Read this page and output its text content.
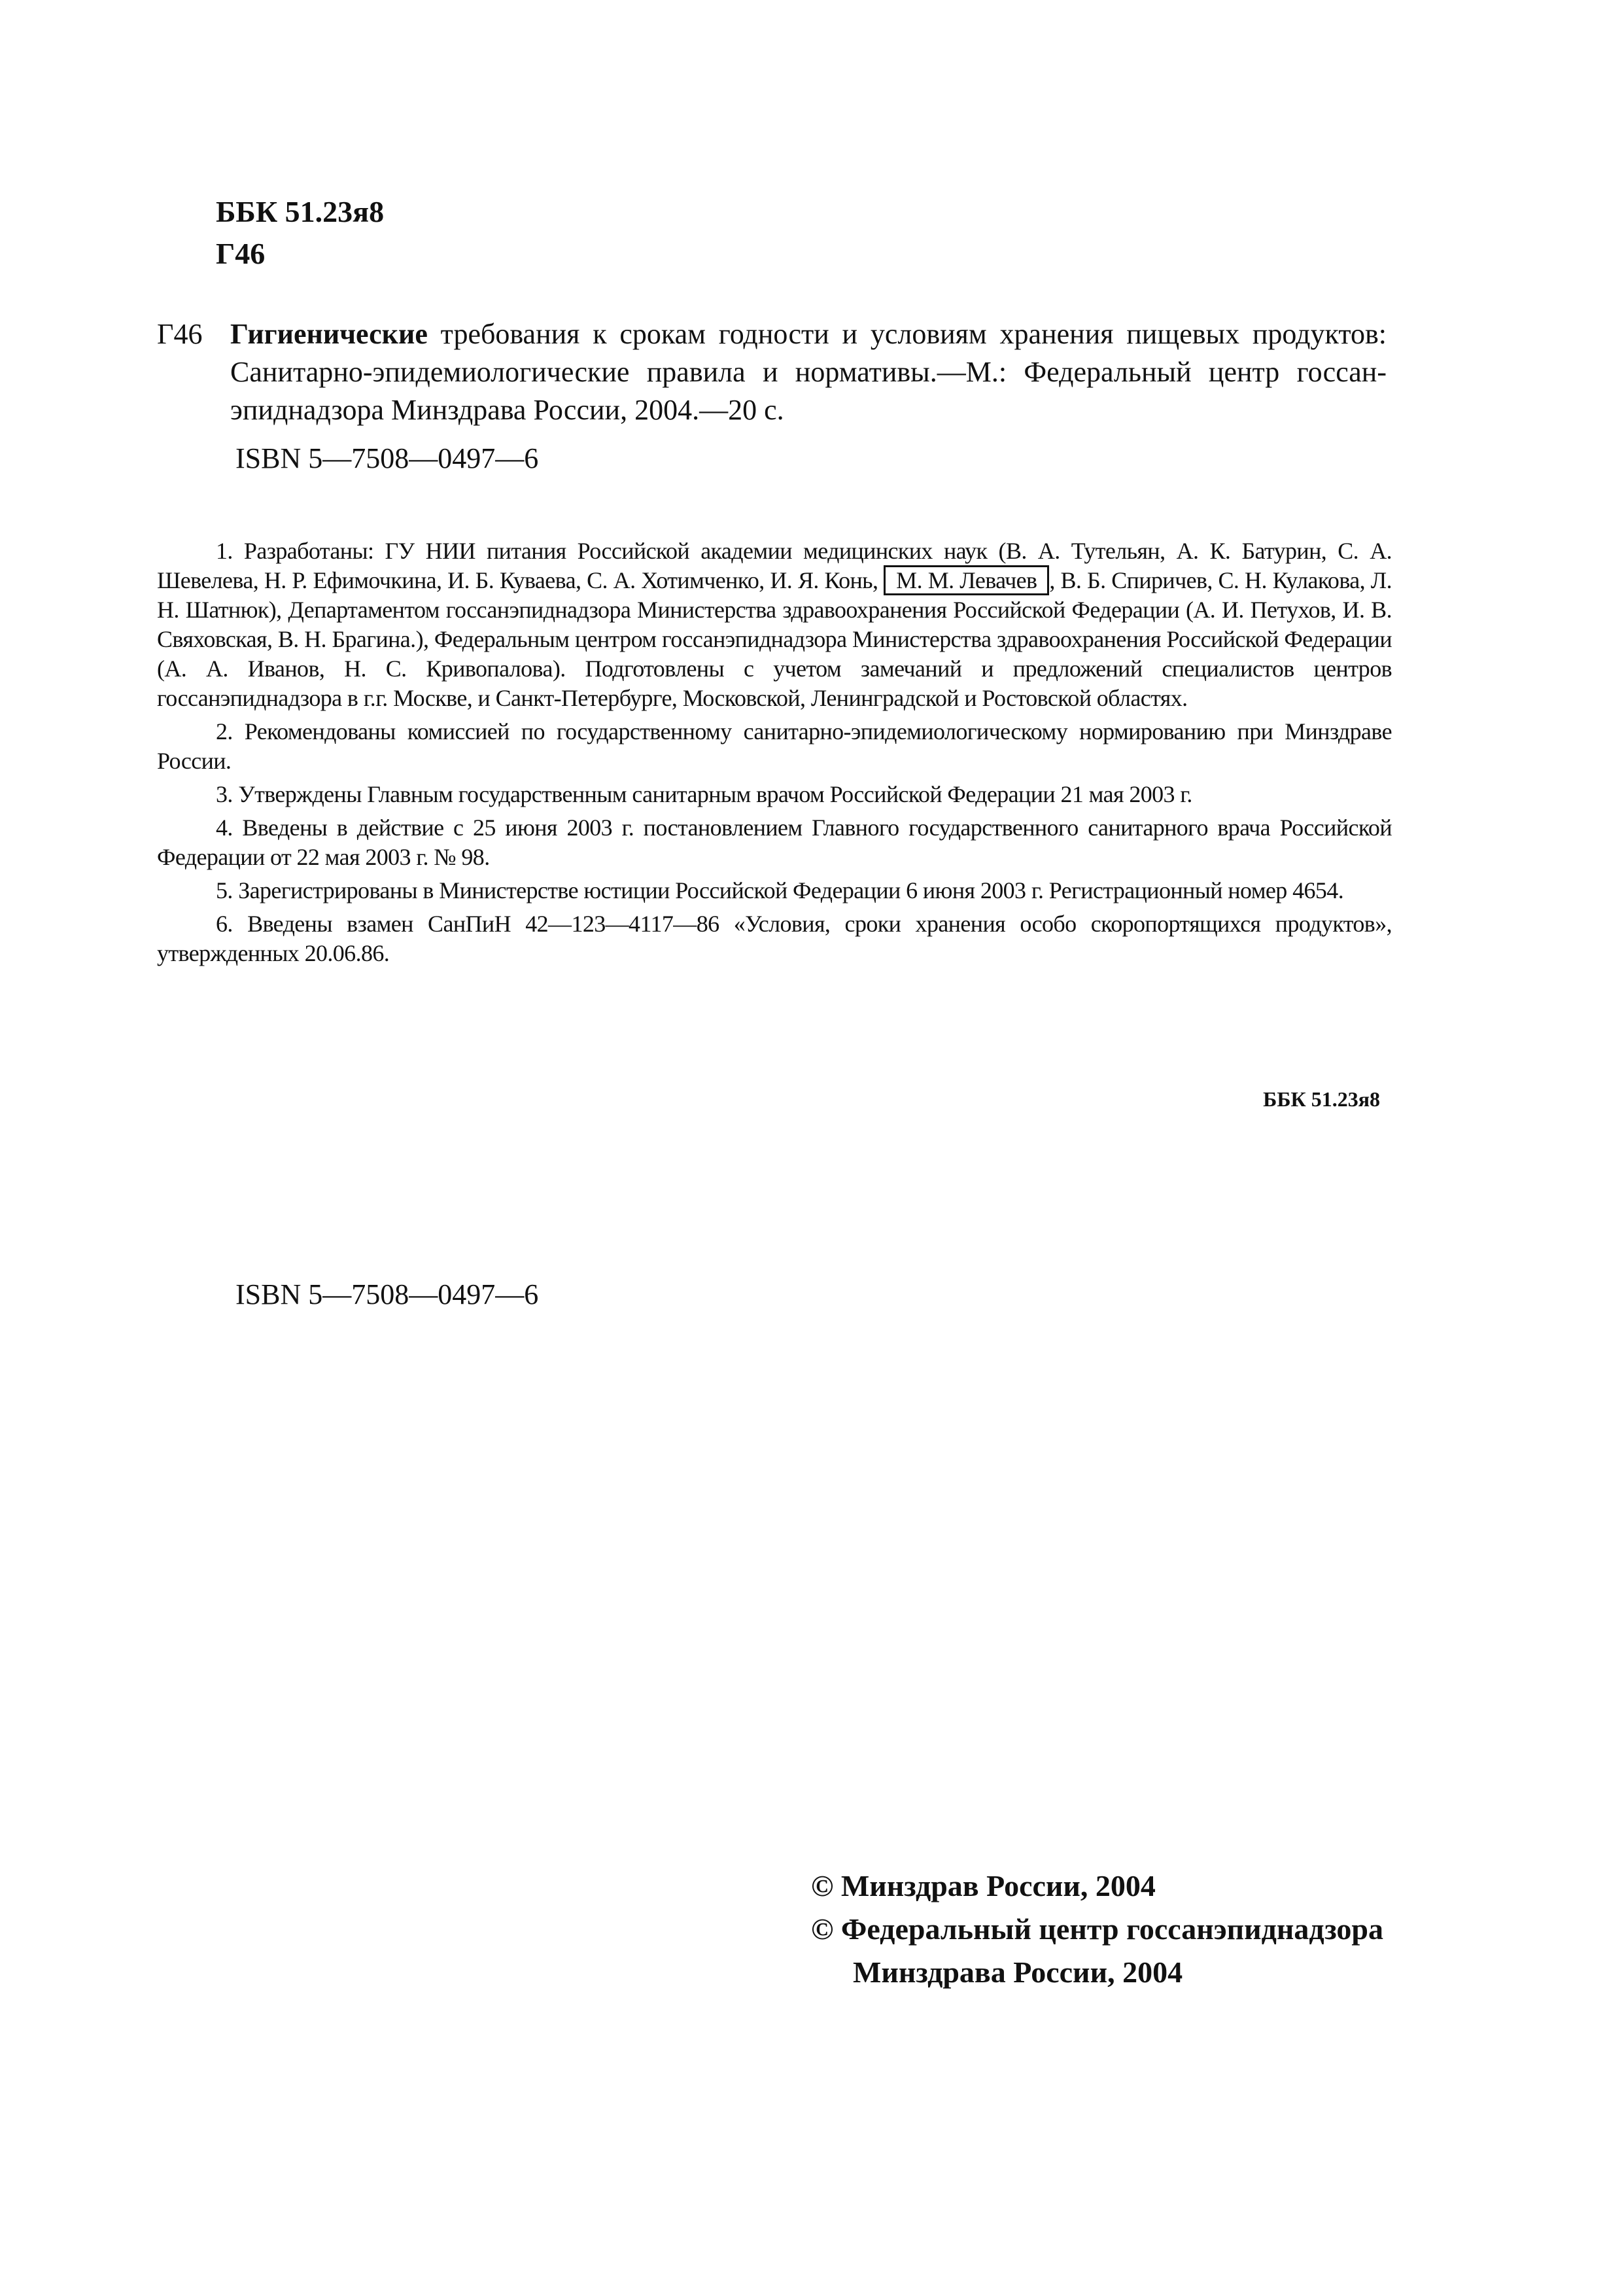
ББК 51.23я8
Г46
Г46 Гигиенические требования к срокам годности и условиям хранения пищевых продуктов: Санитарно-эпидемиологические правила и нормативы.—М.: Федеральный центр госсан-эпиднадзора Минздрава России, 2004.—20 с.
ISBN 5—7508—0497—6

1. Разработаны: ГУ НИИ питания Российской академии медицинских наук (В. А. Тутельян, А. К. Батурин, С. А. Шевелева, Н. Р. Ефимочкина, И. Б. Куваева, С. А. Хотимченко, И. Я. Конь, М. М. Левачев , В. Б. Спиричев, С. Н. Кулакова, Л. Н. Шатнюк), Департаментом госсанэпиднадзора Министерства здравоохранения Российской Федерации (А. И. Петухов, И. В. Свяховская, В. Н. Брагина.), Федеральным центром госсанэпиднадзора Министерства здравоохранения Российской Федерации (А. А. Иванов, Н. С. Кривопалова). Подготовлены с учетом замечаний и предложений специалистов центров госсанэпиднадзора в г.г. Москве, и Санкт-Петербурге, Московской, Ленинградской и Ростовской областях.

2. Рекомендованы комиссией по государственному санитарно-эпидемиологическому нормированию при Минздраве России.

3. Утверждены Главным государственным санитарным врачом Российской Федерации 21 мая 2003 г.

4. Введены в действие с 25 июня 2003 г. постановлением Главного государственного санитарного врача Российской Федерации от 22 мая 2003 г. № 98.

5. Зарегистрированы в Министерстве юстиции Российской Федерации 6 июня 2003 г. Регистрационный номер 4654.

6. Введены взамен СанПиН 42—123—4117—86 «Условия, сроки хранения особо скоропортящихся продуктов», утвержденных 20.06.86.

ББК 51.23я8
ISBN 5—7508—0497—6
© Минздрав России, 2004
© Федеральный центр госсанэпиднадзора
Минздрава России, 2004
